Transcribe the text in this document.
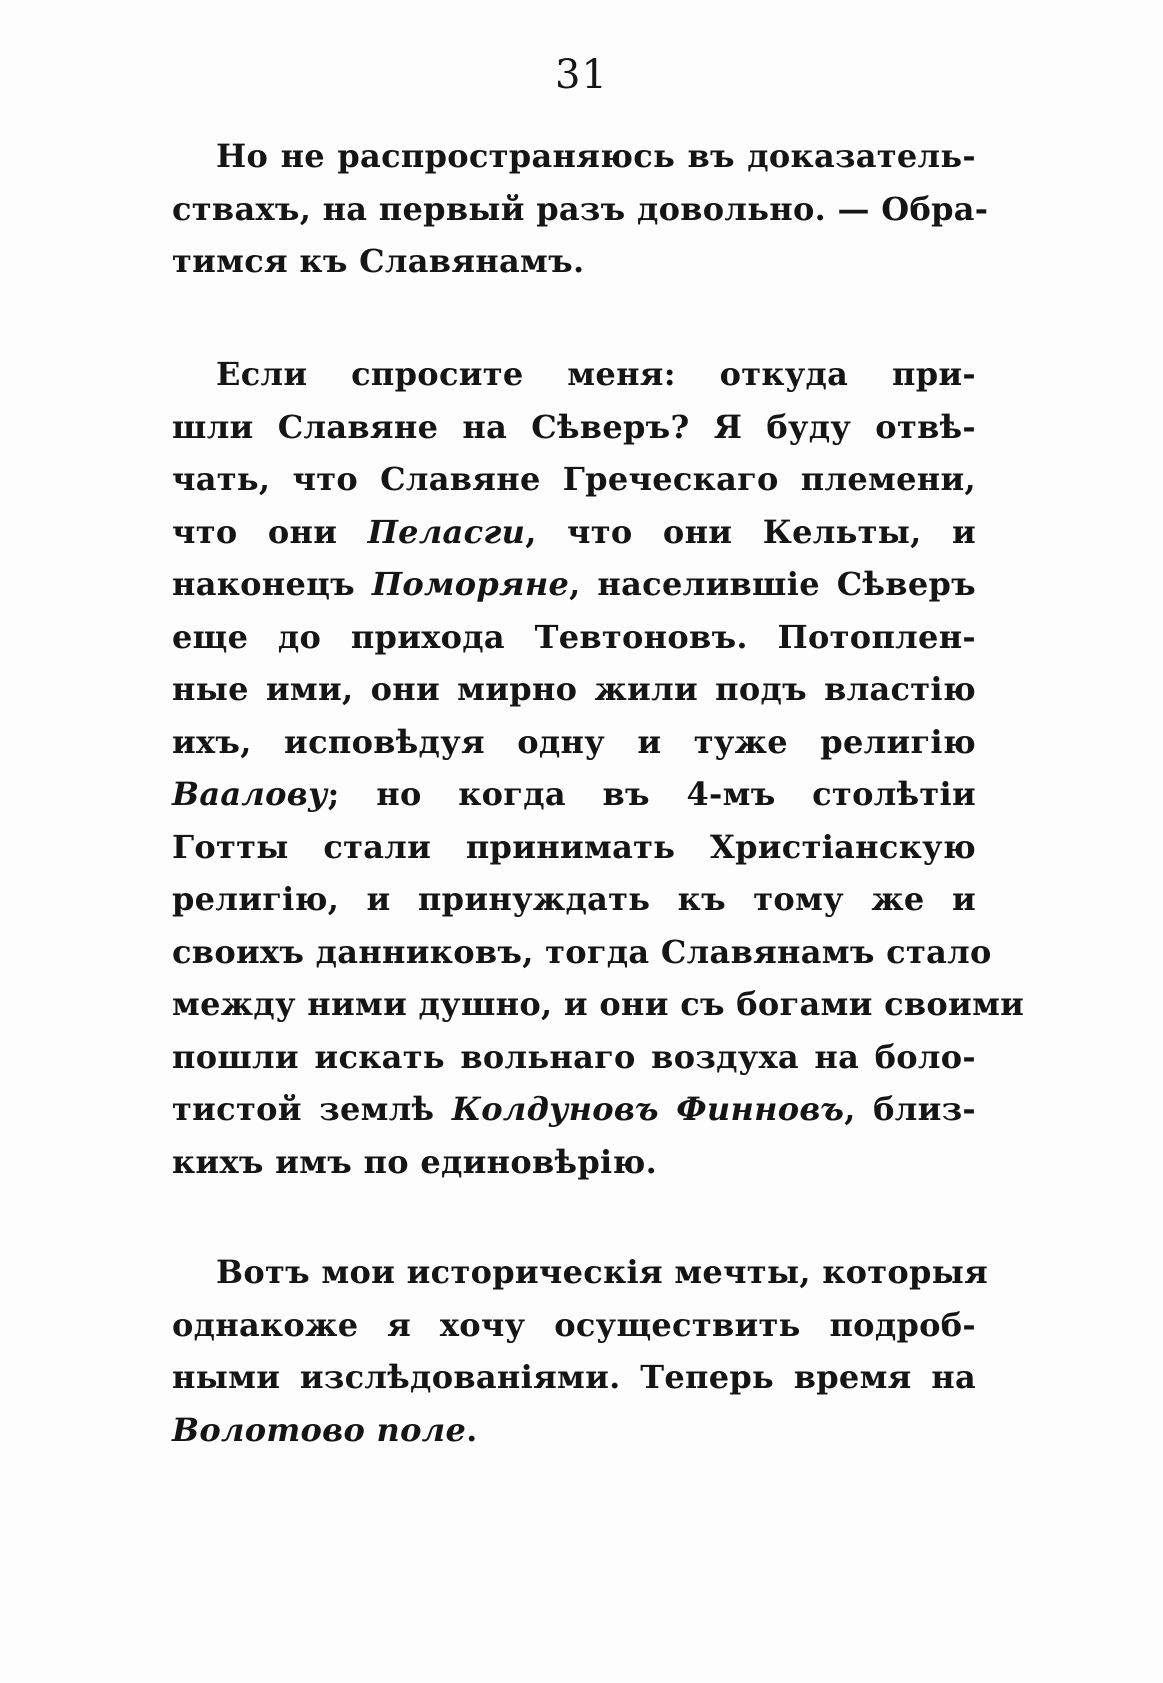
31
Но не распространяюсь въ доказатель-
ствахъ, на первый разъ довольно. — Обра-
тимся къ Славянамъ.
Если спросите меня: откуда при-
шли Славяне на Сѣверъ? Я буду отвѣ-
чать, что Славяне Греческаго племени,
что они Пеласги, что они Кельты, и
наконецъ Поморяне, населившіе Сѣверъ
еще до прихода Тевтоновъ. Потоплен-
ные ими, они мирно жили подъ властію
ихъ, исповѣдуя одну и туже религію
Ваалову; но когда въ 4-мъ столѣтіи
Готты стали принимать Христіанскую
религію, и принуждать къ тому же и
своихъ данниковъ, тогда Славянамъ стало
между ними душно, и они съ богами своими
пошли искать вольнаго воздуха на боло-
тистой землѣ Колдуновъ Финновъ, близ-
кихъ имъ по единовѣрію.
Вотъ мои историческія мечты, которыя
однакоже я хочу осуществить подроб-
ными изслѣдованіями. Теперь время на
Волотово поле.
